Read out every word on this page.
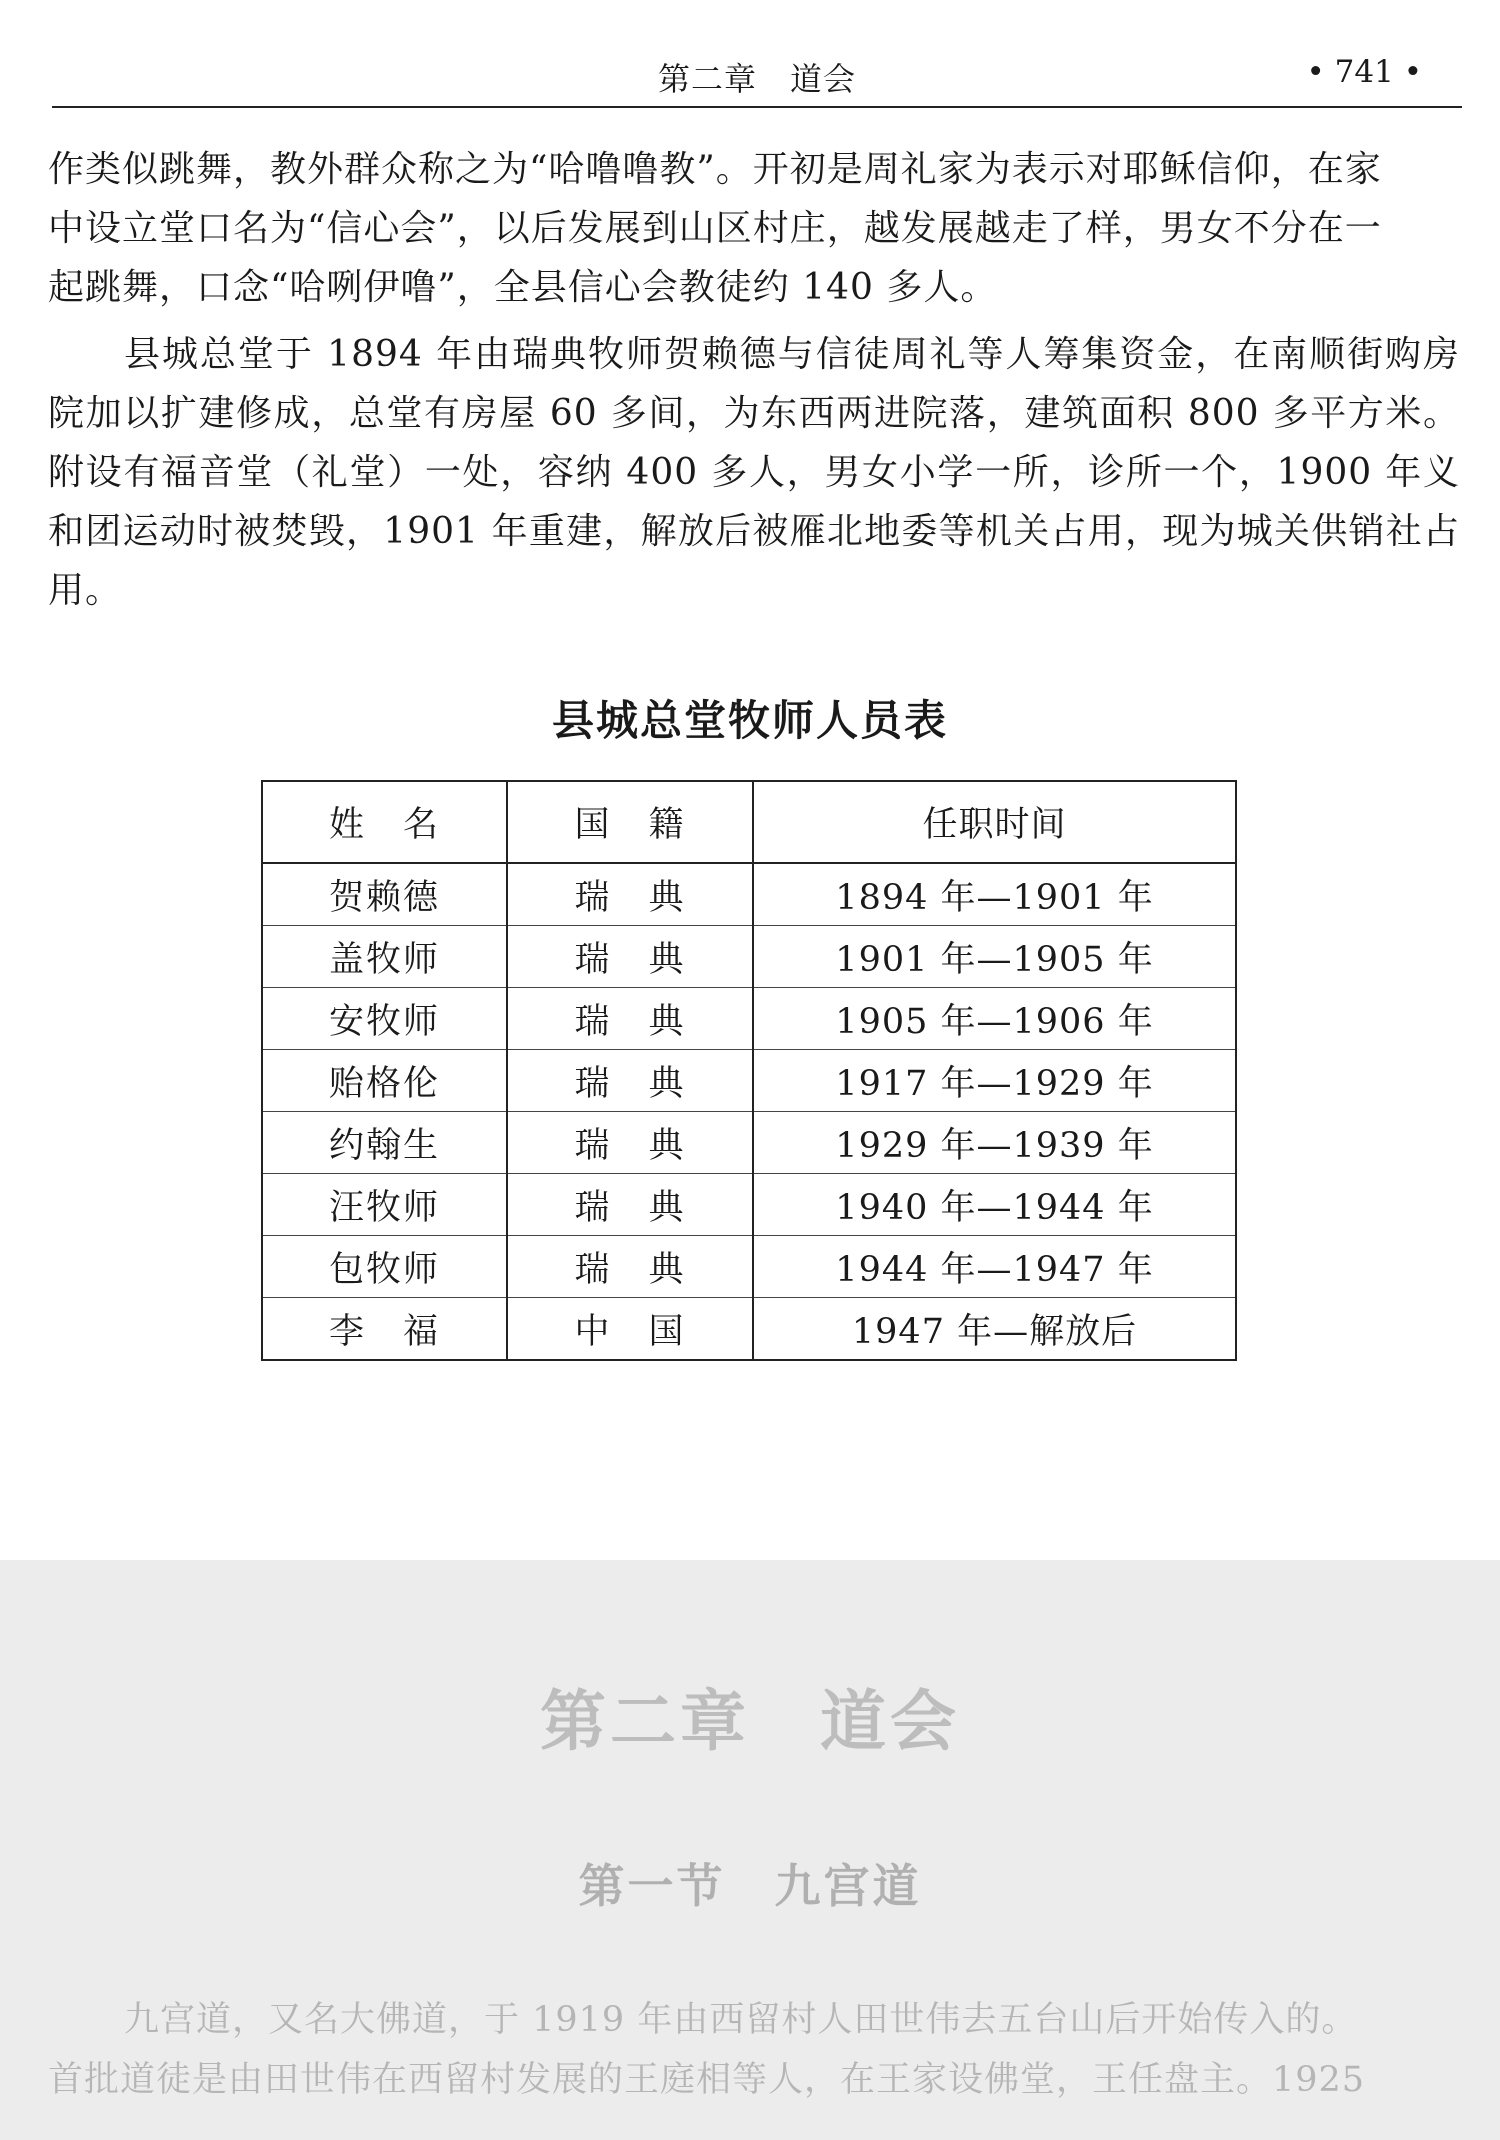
第二章　道会	• 741 •

作类似跳舞，教外群众称之为“哈噜噜教”。开初是周礼家为表示对耶稣信仰，在家

中设立堂口名为“信心会”，以后发展到山区村庄，越发展越走了样，男女不分在一

起跳舞，口念“哈咧伊噜”，全县信心会教徒约 140 多人。

县城总堂于 1894 年由瑞典牧师贺赖德与信徒周礼等人筹集资金，在南顺街购房院加以扩建修成，总堂有房屋 60 多间，为东西两进院落，建筑面积 800 多平方米。附设有福音堂（礼堂）一处，容纳 400 多人，男女小学一所，诊所一个，1900 年义和团运动时被焚毁，1901 年重建，解放后被雁北地委等机关占用，现为城关供销社占用。

县城总堂牧师人员表
姓　名	国　籍	任职时间
贺赖德	瑞　典	1894 年—1901 年
盖牧师	瑞　典	1901 年—1905 年
安牧师	瑞　典	1905 年—1906 年
贻格伦	瑞　典	1917 年—1929 年
约翰生	瑞　典	1929 年—1939 年
汪牧师	瑞　典	1940 年—1944 年
包牧师	瑞　典	1944 年—1947 年
李　福	中　国	1947 年—解放后
第二章　道会
第一节　九宫道

九宫道，又名大佛道，于 1919 年由西留村人田世伟去五台山后开始传入的。

首批道徒是由田世伟在西留村发展的王庭相等人，在王家设佛堂，王任盘主。1925
